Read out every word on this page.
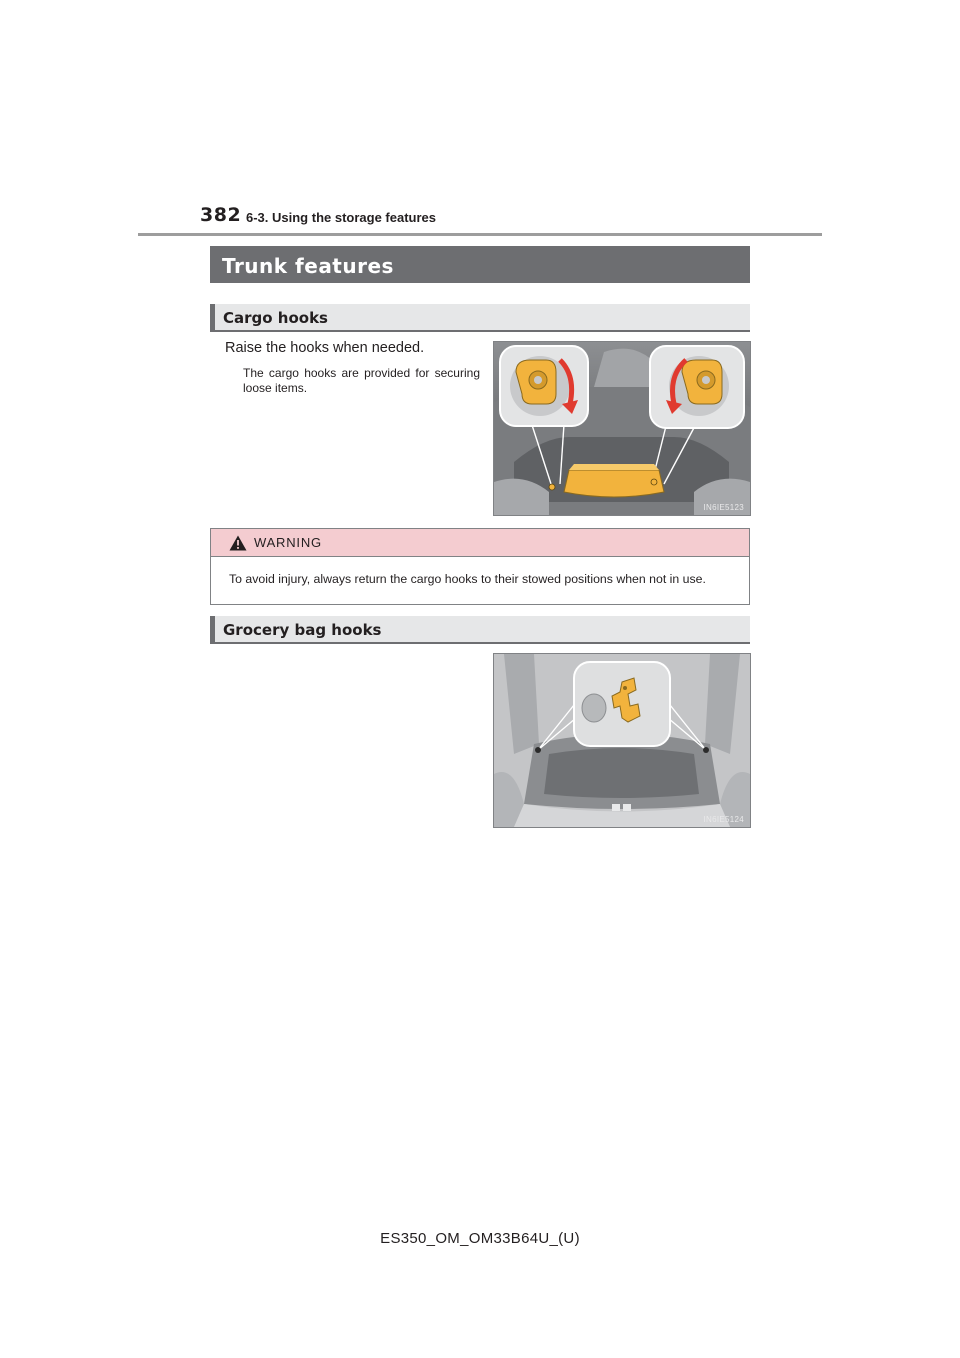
382 6-3. Using the storage features
Trunk features
Cargo hooks
Raise the hooks when needed.
The cargo hooks are provided for securing loose items.
IN6IE5123
WARNING
To avoid injury, always return the cargo hooks to their stowed positions when not in use.
Grocery bag hooks
IN6IE5124
ES350_OM_OM33B64U_(U)
